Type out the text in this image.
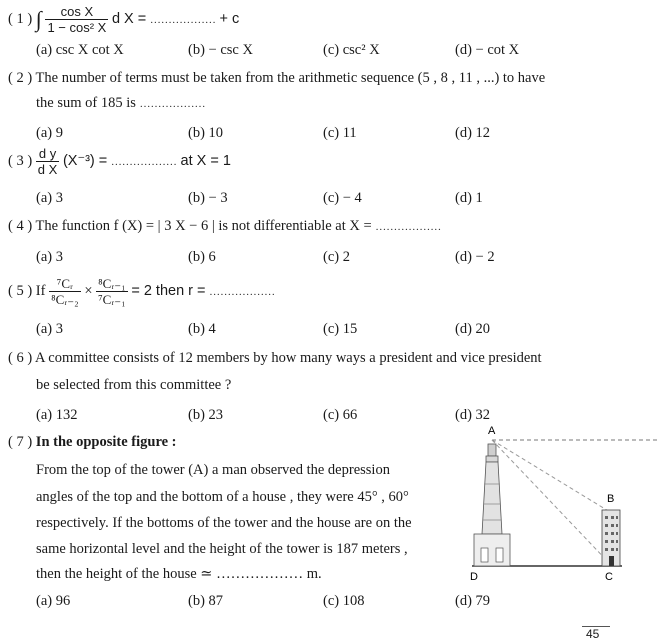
( 1 ) ∫ $\frac{\text{cos X}}{\text{1 − cos² X}}$ d X = ……………… + c
(a) csc X cot X	(b) − csc X	(c) csc² X	(d) − cot X
( 2 ) The number of terms must be taken from the arithmetic sequence (5 , 8 , 11 , ...) to have
the sum of 185 is ………………
(a) 9	(b) 10	(c) 11	(d) 12
( 3 ) $\frac{\text{d y}}{\text{d X}} (X^{-3})$ = ……………… at X = 1
(a) 3	(b) − 3	(c) − 4	(d) 1
( 4 ) The function f (X) = | 3 X − 6 | is not differentiable at X = ………………
(a) 3	(b) 6	(c) 2	(d) − 2
( 5 ) If $\frac{\text{⁷Cᵣ}}{\text{⁸Cᵣ₋₂}} \times \frac{\text{⁸Cᵣ₋₁}}{\text{⁷Cᵣ₋₁}} = 2$ then r = ………………
(a) 3	(b) 4	(c) 15	(d) 20
( 6 ) A committee consists of 12 members by how many ways a president and vice president
be selected from this committee ?
(a) 132	(b) 23	(c) 66	(d) 32
( 7 ) In the opposite figure :
From the top of the tower (A) a man observed the depression
angles of the top and the bottom of a house , they were 45° , 60°
respectively. If the bottoms of the tower and the house are on the
same horizontal level and the height of the tower is 187 meters ,
then the height of the house ≃ ……………… m.
(a) 96	(b) 87	(c) 108	(d) 79
A
B
C
D
45
